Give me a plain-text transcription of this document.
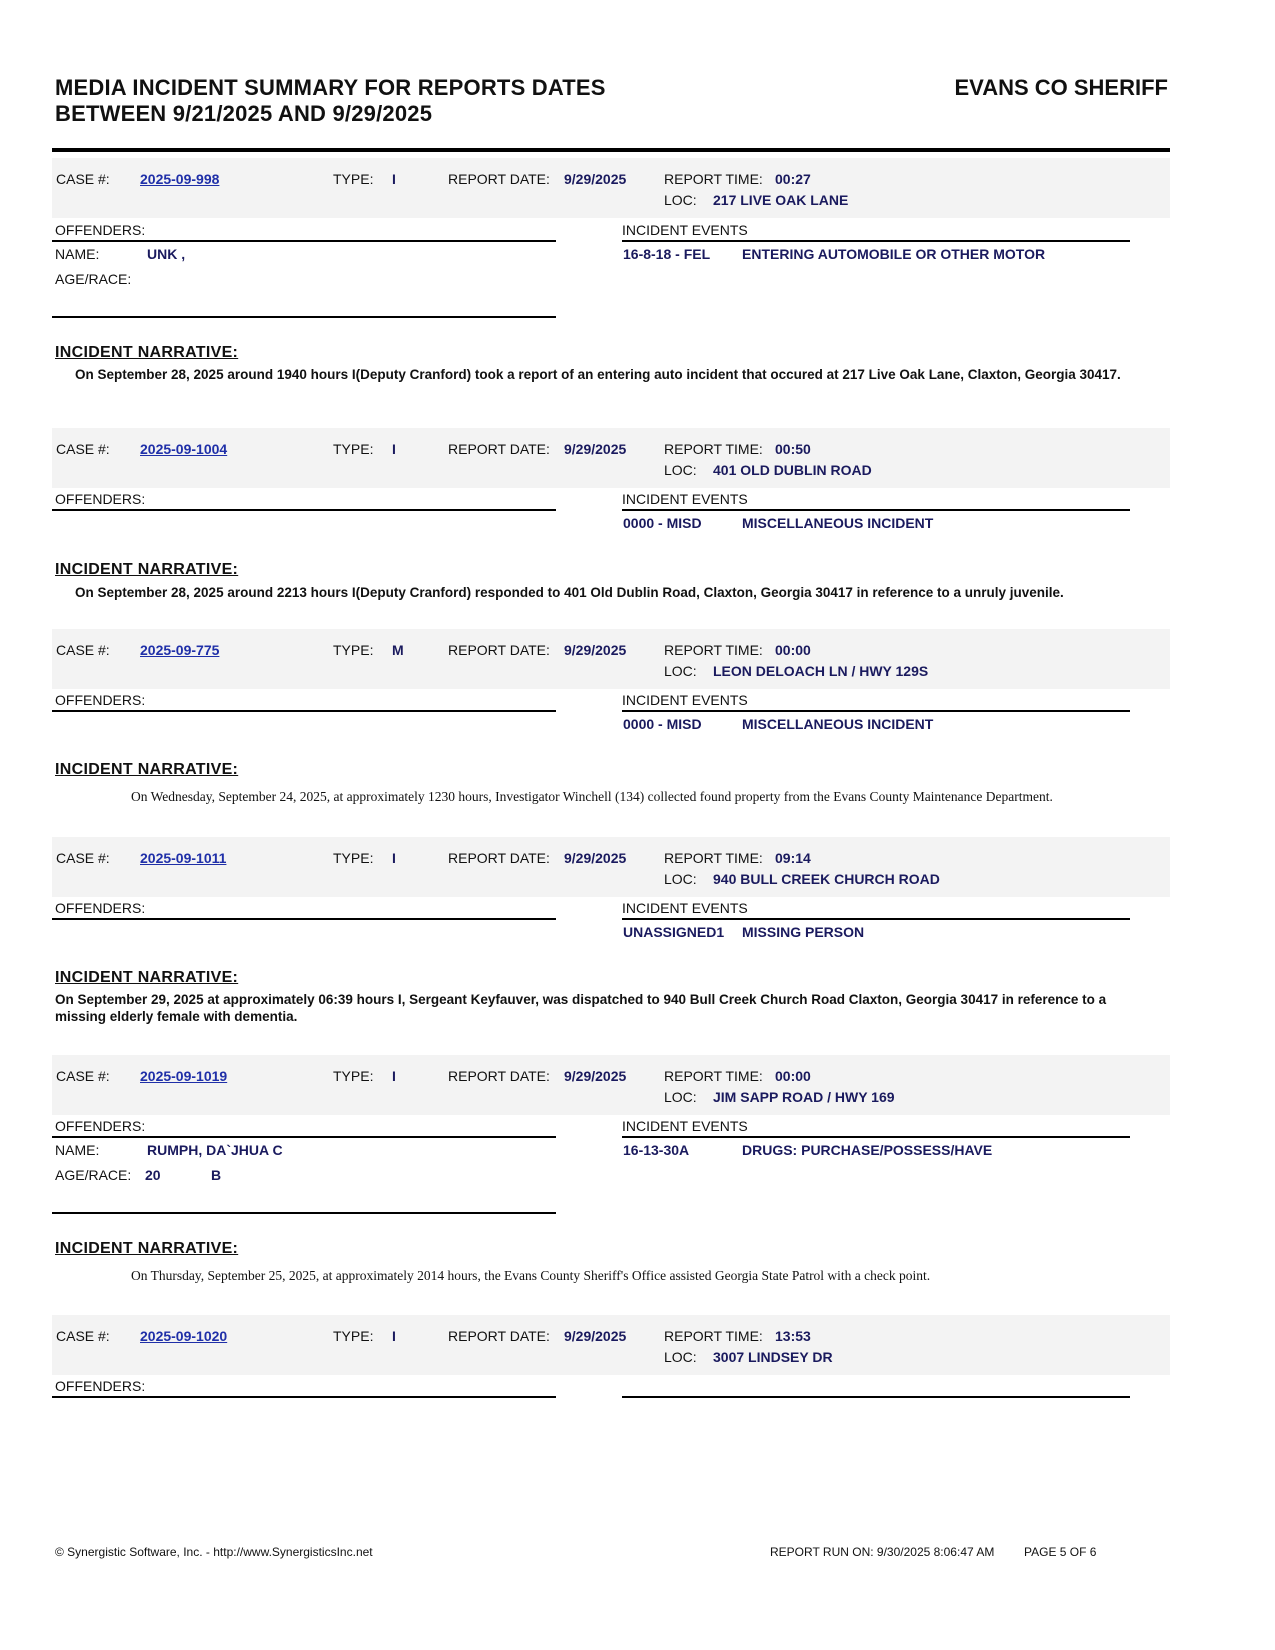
MEDIA INCIDENT SUMMARY FOR REPORTS DATES
BETWEEN 9/21/2025 AND 9/29/2025
EVANS CO SHERIFF
CASE #: 2025-09-998	TYPE: I	REPORT DATE: 9/29/2025	REPORT TIME: 00:27
LOC: 217 LIVE OAK LANE
OFFENDERS:	INCIDENT EVENTS
NAME:	UNK ,
AGE/RACE:
16-8-18 - FEL ENTERING AUTOMOBILE OR OTHER MOTOR
INCIDENT NARRATIVE:
On September 28, 2025 around 1940 hours I(Deputy Cranford) took a report of an entering auto incident that occured at 217 Live Oak Lane, Claxton, Georgia 30417.
CASE #: 2025-09-1004	TYPE: I	REPORT DATE: 9/29/2025	REPORT TIME: 00:50
LOC: 401 OLD DUBLIN ROAD
OFFENDERS:	INCIDENT EVENTS
0000 - MISD	MISCELLANEOUS INCIDENT
INCIDENT NARRATIVE:
On September 28, 2025 around 2213 hours I(Deputy Cranford) responded to 401 Old Dublin Road, Claxton, Georgia 30417 in reference to a unruly juvenile.
CASE #: 2025-09-775	TYPE: M	REPORT DATE: 9/29/2025	REPORT TIME: 00:00
LOC: LEON DELOACH LN / HWY 129S
OFFENDERS:	INCIDENT EVENTS
0000 - MISD	MISCELLANEOUS INCIDENT
INCIDENT NARRATIVE:
On Wednesday, September 24, 2025, at approximately 1230 hours, Investigator Winchell (134) collected found property from the Evans County Maintenance Department.
CASE #: 2025-09-1011	TYPE: I	REPORT DATE: 9/29/2025	REPORT TIME: 09:14
LOC: 940 BULL CREEK CHURCH ROAD
OFFENDERS:	INCIDENT EVENTS
UNASSIGNED1 MISSING PERSON
INCIDENT NARRATIVE:
On September 29, 2025 at approximately 06:39 hours I, Sergeant Keyfauver, was dispatched to 940 Bull Creek Church Road Claxton, Georgia 30417 in reference to a missing elderly female with dementia.
CASE #: 2025-09-1019	TYPE: I	REPORT DATE: 9/29/2025	REPORT TIME: 00:00
LOC: JIM SAPP ROAD / HWY 169
OFFENDERS:	INCIDENT EVENTS
NAME:	RUMPH, DA`JHUA C
AGE/RACE: 20	B
16-13-30A	DRUGS: PURCHASE/POSSESS/HAVE
INCIDENT NARRATIVE:
On Thursday, September 25, 2025, at approximately 2014 hours, the Evans County Sheriff's Office assisted Georgia State Patrol with a check point.
CASE #: 2025-09-1020	TYPE: I	REPORT DATE: 9/29/2025	REPORT TIME: 13:53
LOC: 3007 LINDSEY DR
OFFENDERS:
© Synergistic Software, Inc. - http://www.SynergisticsInc.net	REPORT RUN ON: 9/30/2025 8:06:47 AM PAGE 5 OF 6
